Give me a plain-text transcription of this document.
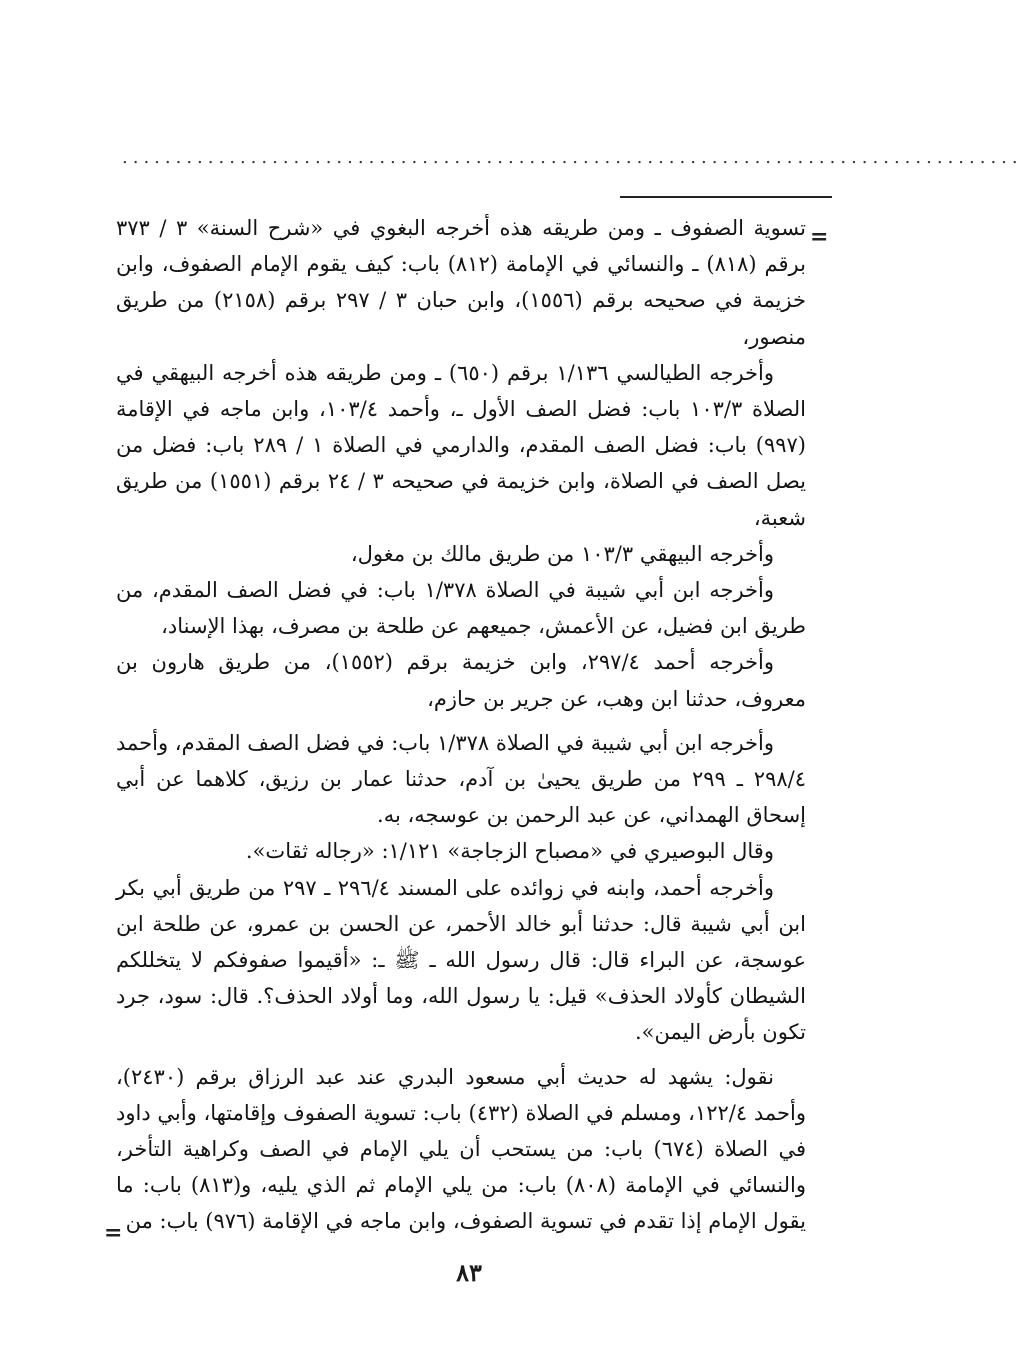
....................................................................................
=

تسوية الصفوف ـ ومن طريقه هذه أخرجه البغوي في «شرح السنة» ٣ / ٣٧٣ برقم (٨١٨) ـ والنسائي في الإمامة (٨١٢) باب: كيف يقوم الإمام الصفوف، وابن خزيمة في صحيحه برقم (١٥٥٦)، وابن حبان ٣ / ٢٩٧ برقم (٢١٥٨) من طريق منصور،

وأخرجه الطيالسي ١/١٣٦ برقم (٦٥٠) ـ ومن طريقه هذه أخرجه البيهقي في الصلاة ١٠٣/٣ باب: فضل الصف الأول ـ، وأحمد ١٠٣/٤، وابن ماجه في الإقامة (٩٩٧) باب: فضل الصف المقدم، والدارمي في الصلاة ١ / ٢٨٩ باب: فضل من يصل الصف في الصلاة، وابن خزيمة في صحيحه ٣ / ٢٤ برقم (١٥٥١) من طريق شعبة،

وأخرجه البيهقي ١٠٣/٣ من طريق مالك بن مغول،

وأخرجه ابن أبي شيبة في الصلاة ١/٣٧٨ باب: في فضل الصف المقدم، من طريق ابن فضيل، عن الأعمش، جميعهم عن طلحة بن مصرف، بهذا الإسناد،

وأخرجه أحمد ٢٩٧/٤، وابن خزيمة برقم (١٥٥٢)، من طريق هارون بن معروف، حدثنا ابن وهب، عن جرير بن حازم،

وأخرجه ابن أبي شيبة في الصلاة ١/٣٧٨ باب: في فضل الصف المقدم، وأحمد ٢٩٨/٤ ـ ٢٩٩ من طريق يحيىٰ بن آدم، حدثنا عمار بن رزيق، كلاهما عن أبي إسحاق الهمداني، عن عبد الرحمن بن عوسجه، به.

وقال البوصيري في «مصباح الزجاجة» ١/١٢١: «رجاله ثقات».

وأخرجه أحمد، وابنه في زوائده على المسند ٢٩٦/٤ ـ ٢٩٧ من طريق أبي بكر ابن أبي شيبة قال: حدثنا أبو خالد الأحمر، عن الحسن بن عمرو، عن طلحة ابن عوسجة، عن البراء قال: قال رسول الله ـ ﷺ ـ: «أقيموا صفوفكم لا يتخللكم الشيطان كأولاد الحذف» قيل: يا رسول الله، وما أولاد الحذف؟. قال: سود، جرد تكون بأرض اليمن».

نقول: يشهد له حديث أبي مسعود البدري عند عبد الرزاق برقم (٢٤٣٠)، وأحمد ١٢٢/٤، ومسلم في الصلاة (٤٣٢) باب: تسوية الصفوف وإقامتها، وأبي داود في الصلاة (٦٧٤) باب: من يستحب أن يلي الإمام في الصف وكراهية التأخر، والنسائي في الإمامة (٨٠٨) باب: من يلي الإمام ثم الذي يليه، و(٨١٣) باب: ما يقول الإمام إذا تقدم في تسوية الصفوف، وابن ماجه في الإقامة (٩٧٦) باب: من

=
٨٣
